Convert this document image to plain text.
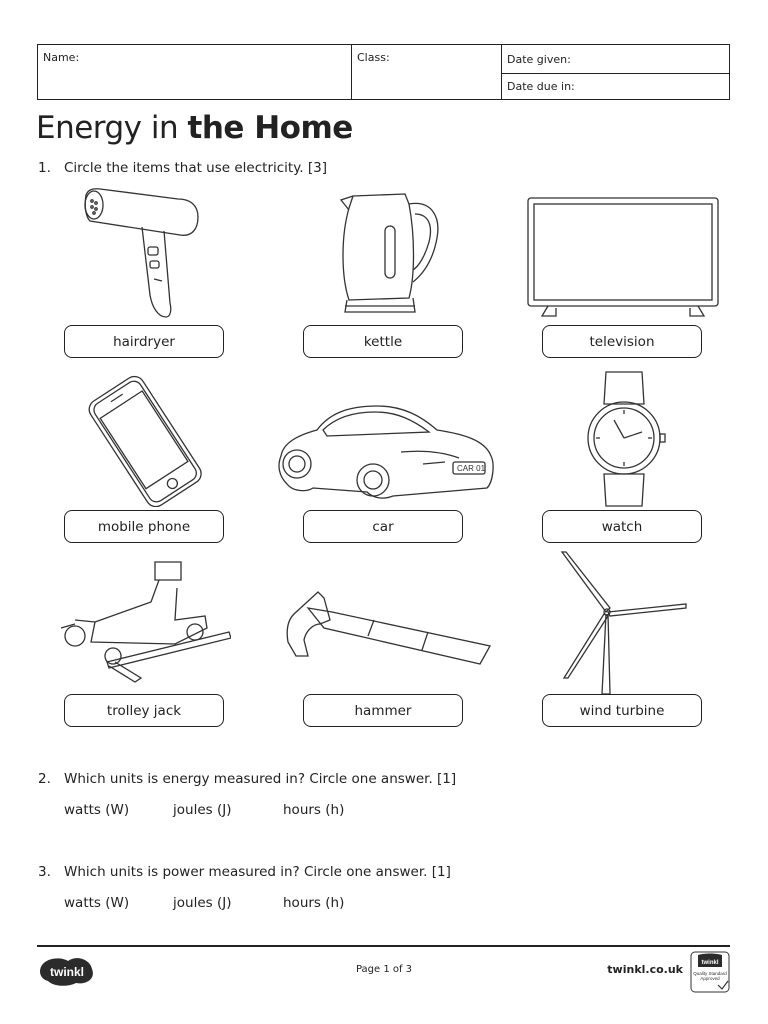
Name:	Class:	Date given:
Date due in:
Energy in the Home
1. Circle the items that use electricity. [3]
hairdryer	kettle	television
CAR 01
mobile phone	car	watch
trolley jack	hammer	wind turbine
2. Which units is energy measured in? Circle one answer. [1]
watts (W)	joules (J)	hours (h)
3. Which units is power measured in? Circle one answer. [1]
watts (W)	joules (J)	hours (h)
twinkl	Page 1 of 3	twinkl.co.uk	twinkl
Quality Standard Approved
